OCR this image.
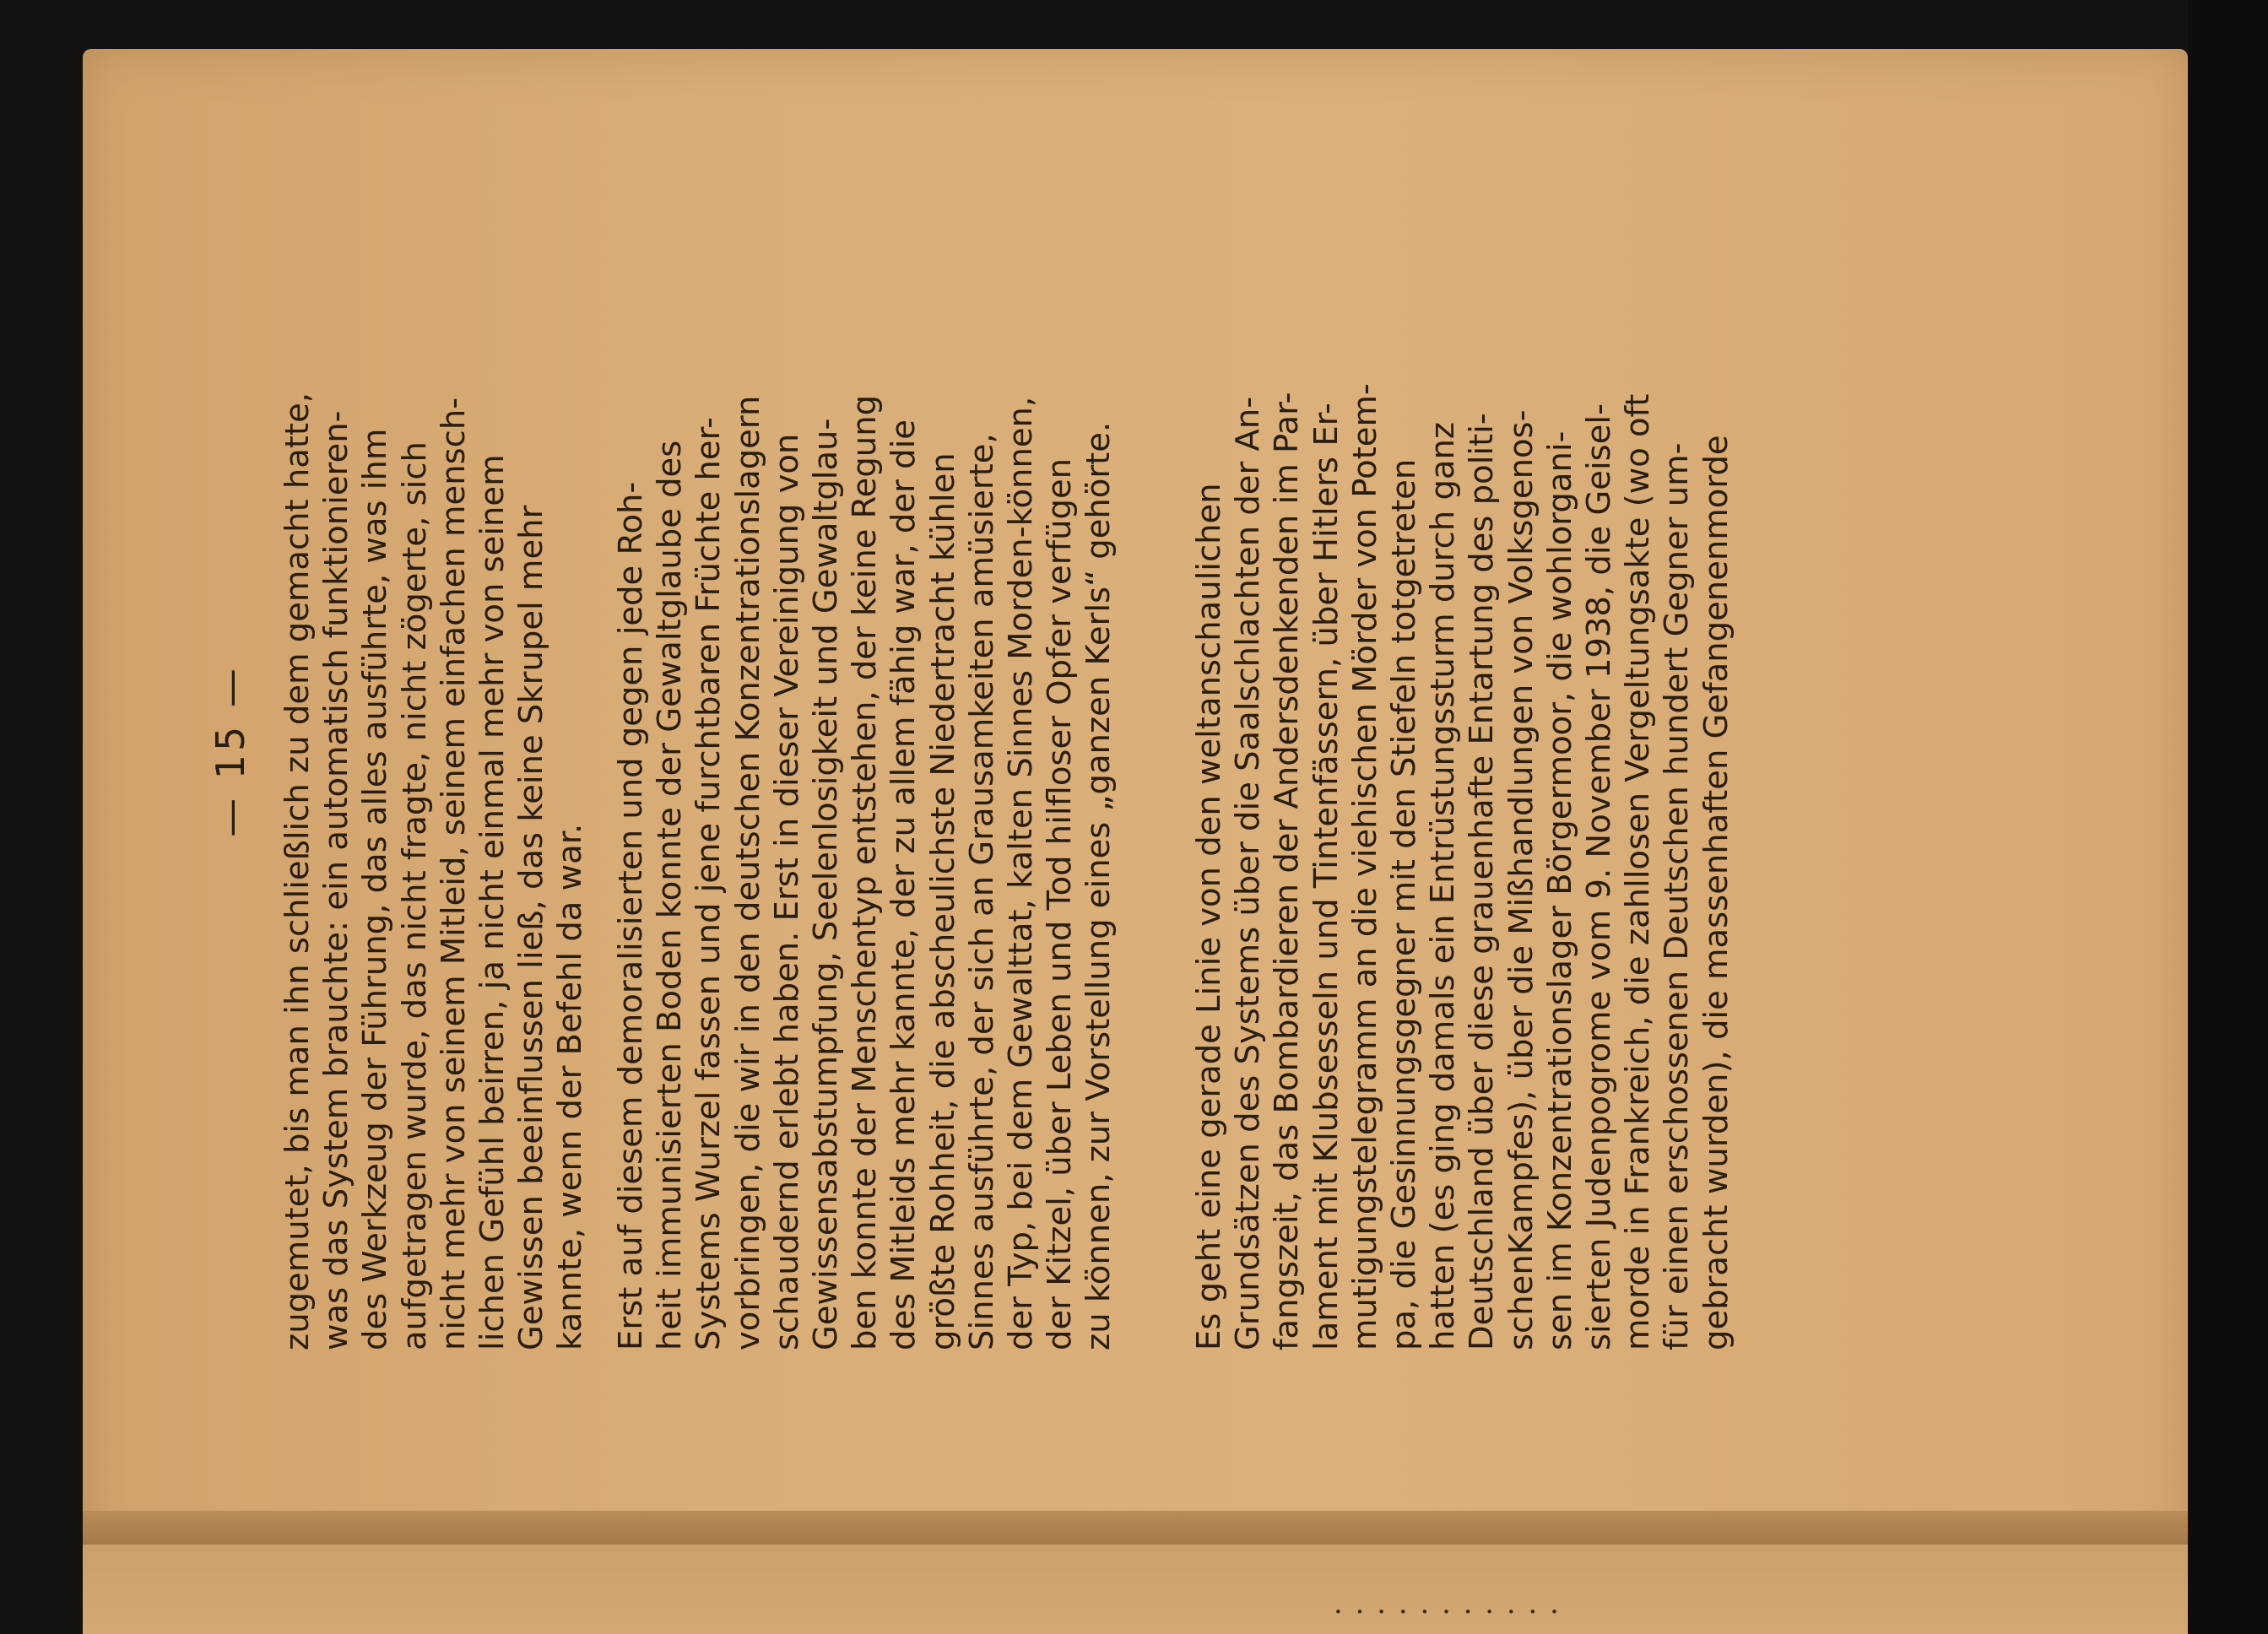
· · · · · · · · · · ·
— 15 —
zugemutet, bis man ihn schließlich zu dem gemacht hatte,
was das System brauchte: ein automatisch funktionieren-
des Werkzeug der Führung, das alles ausführte, was ihm
aufgetragen wurde, das nicht fragte, nicht zögerte, sich
nicht mehr von seinem Mitleid, seinem einfachen mensch-
lichen Gefühl beirren, ja nicht einmal mehr von seinem
Gewissen beeinflussen ließ, das keine Skrupel mehr
kannte, wenn der Befehl da war.
Erst auf diesem demoralisierten und gegen jede Roh-
heit immunisierten Boden konnte der Gewaltglaube des
Systems Wurzel fassen und jene furchtbaren Früchte her-
vorbringen, die wir in den deutschen Konzentrationslagern
schaudernd erlebt haben. Erst in dieser Vereinigung von
Gewissensabstumpfung, Seelenlosigkeit und Gewaltglau-
ben konnte der Menschentyp entstehen, der keine Regung
des Mitleids mehr kannte, der zu allem fähig war, der die
größte Rohheit, die abscheulichste Niedertracht kühlen
Sinnes ausführte, der sich an Grausamkeiten amüsierte,
der Typ, bei dem Gewalttat, kalten Sinnes Morden-können,
der Kitzel, über Leben und Tod hilfloser Opfer verfügen
zu können, zur Vorstellung eines „ganzen Kerls“ gehörte.
Es geht eine gerade Linie von den weltanschaulichen
Grundsätzen des Systems über die Saalschlachten der An-
fangszeit, das Bombardieren der Andersdenkenden im Par-
lament mit Klubsesseln und Tintenfässern, über Hitlers Er-
mutigungstelegramm an die viehischen Mörder von Potem-
pa, die Gesinnungsgegner mit den Stiefeln totgetreten
hatten (es ging damals ein Entrüstungssturm durch ganz
Deutschland über diese grauenhafte Entartung des politi-
schenKampfes), über die Mißhandlungen von Volksgenos-
sen im Konzentrationslager Börgermoor, die wohlorgani-
sierten Judenpogrome vom 9. November 1938, die Geisel-
morde in Frankreich, die zahllosen Vergeltungsakte (wo oft
für einen erschossenen Deutschen hundert Gegner um-
gebracht wurden), die massenhaften Gefangenenmorde
